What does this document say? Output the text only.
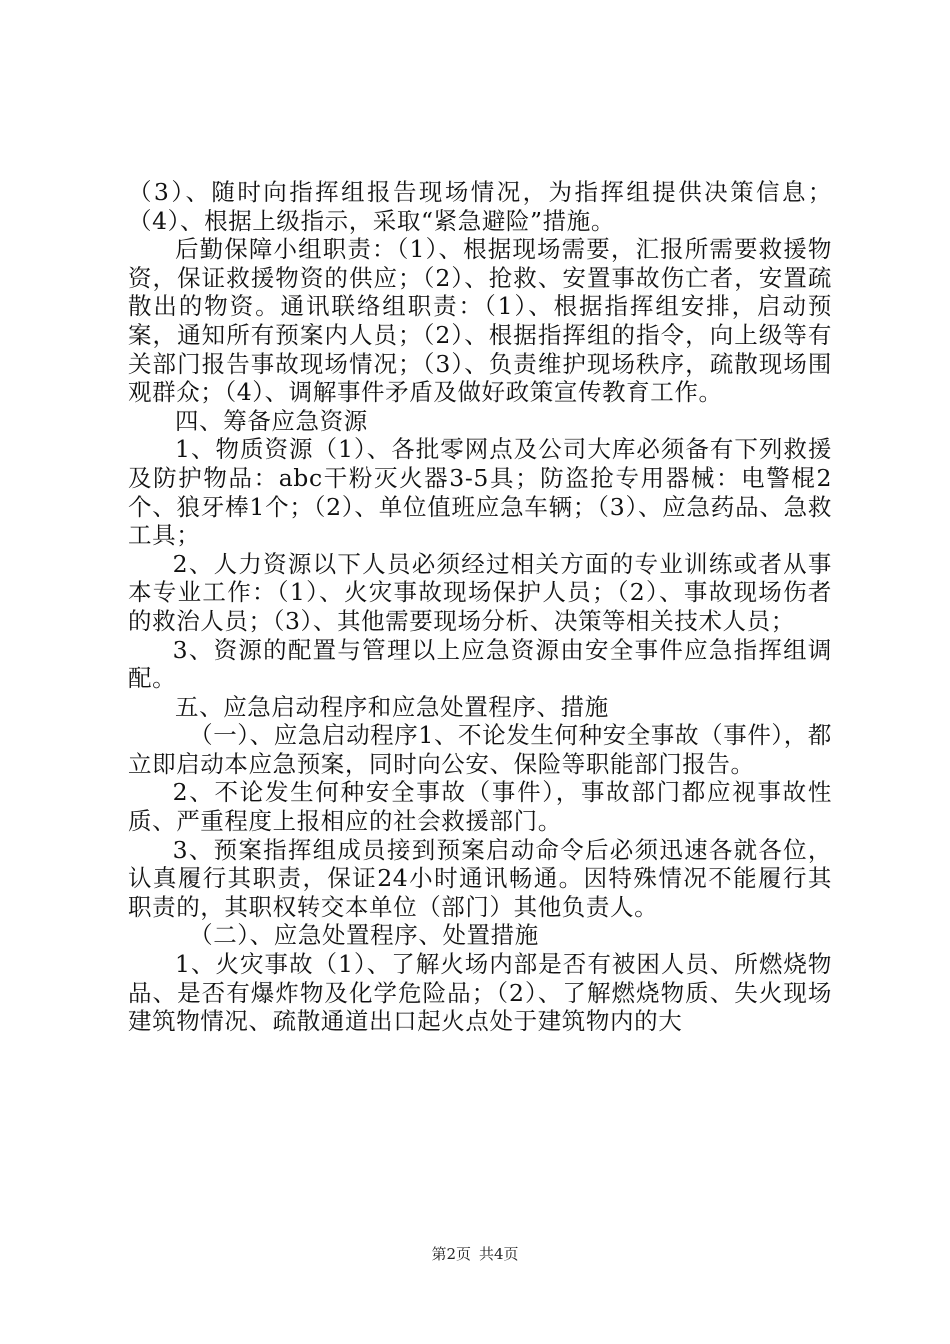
（3）、随时向指挥组报告现场情况，为指挥组提供决策信息；（4）、根据上级指示，采取“紧急避险”措施。

后勤保障小组职责：（1）、根据现场需要，汇报所需要救援物资，保证救援物资的供应；（2）、抢救、安置事故伤亡者，安置疏散出的物资。通讯联络组职责：（1）、根据指挥组安排，启动预案，通知所有预案内人员；（2）、根据指挥组的指令，向上级等有关部门报告事故现场情况；（3）、负责维护现场秩序，疏散现场围观群众；（4）、调解事件矛盾及做好政策宣传教育工作。

四、筹备应急资源

1、物质资源（1）、各批零网点及公司大库必须备有下列救援及防护物品：abc干粉灭火器3-5具；防盗抢专用器械：电警棍2个、狼牙棒1个；（2）、单位值班应急车辆；（3）、应急药品、急救工具；

2、人力资源以下人员必须经过相关方面的专业训练或者从事本专业工作：（1）、火灾事故现场保护人员；（2）、事故现场伤者的救治人员；（3）、其他需要现场分析、决策等相关技术人员；

3、资源的配置与管理以上应急资源由安全事件应急指挥组调配。

五、应急启动程序和应急处置程序、措施

（一）、应急启动程序1、不论发生何种安全事故（事件），都立即启动本应急预案，同时向公安、保险等职能部门报告。

2、不论发生何种安全事故（事件），事故部门都应视事故性质、严重程度上报相应的社会救援部门。

3、预案指挥组成员接到预案启动命令后必须迅速各就各位，认真履行其职责，保证24小时通讯畅通。因特殊情况不能履行其职责的，其职权转交本单位（部门）其他负责人。

（二）、应急处置程序、处置措施

1、火灾事故（1）、了解火场内部是否有被困人员、所燃烧物品、是否有爆炸物及化学危险品；（2）、了解燃烧物质、失火现场建筑物情况、疏散通道出口起火点处于建筑物内的大

第2页 共4页
